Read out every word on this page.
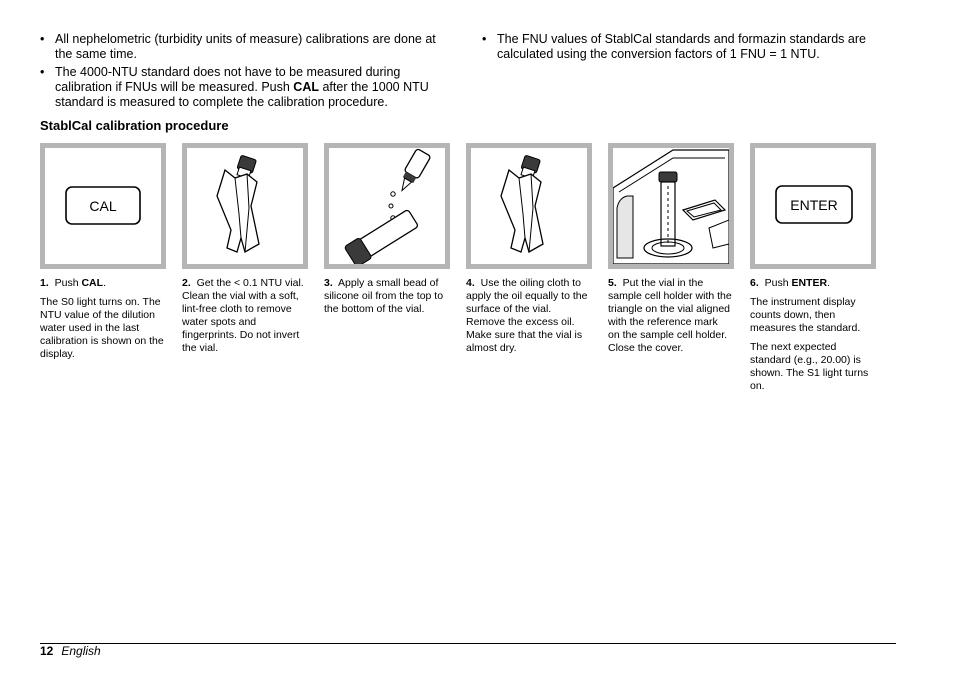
• All nephelometric (turbidity units of measure) calibrations are done at the same time.
• The 4000-NTU standard does not have to be measured during calibration if FNUs will be measured. Push CAL after the 1000 NTU standard is measured to complete the calibration procedure.
• The FNU values of StablCal standards and formazin standards are calculated using the conversion factors of 1 FNU = 1 NTU.
StablCal calibration procedure
CAL	ENTER

1. Push CAL.

The S0 light turns on. The NTU value of the dilution water used in the last calibration is shown on the display.

2. Get the < 0.1 NTU vial. Clean the vial with a soft, lint-free cloth to remove water spots and fingerprints. Do not invert the vial.

3. Apply a small bead of silicone oil from the top to the bottom of the vial.

4. Use the oiling cloth to apply the oil equally to the surface of the vial. Remove the excess oil. Make sure that the vial is almost dry.

5. Put the vial in the sample cell holder with the triangle on the vial aligned with the reference mark on the sample cell holder. Close the cover.

6. Push ENTER.

The instrument display counts down, then measures the standard.

The next expected standard (e.g., 20.00) is shown. The S1 light turns on.

12 English
